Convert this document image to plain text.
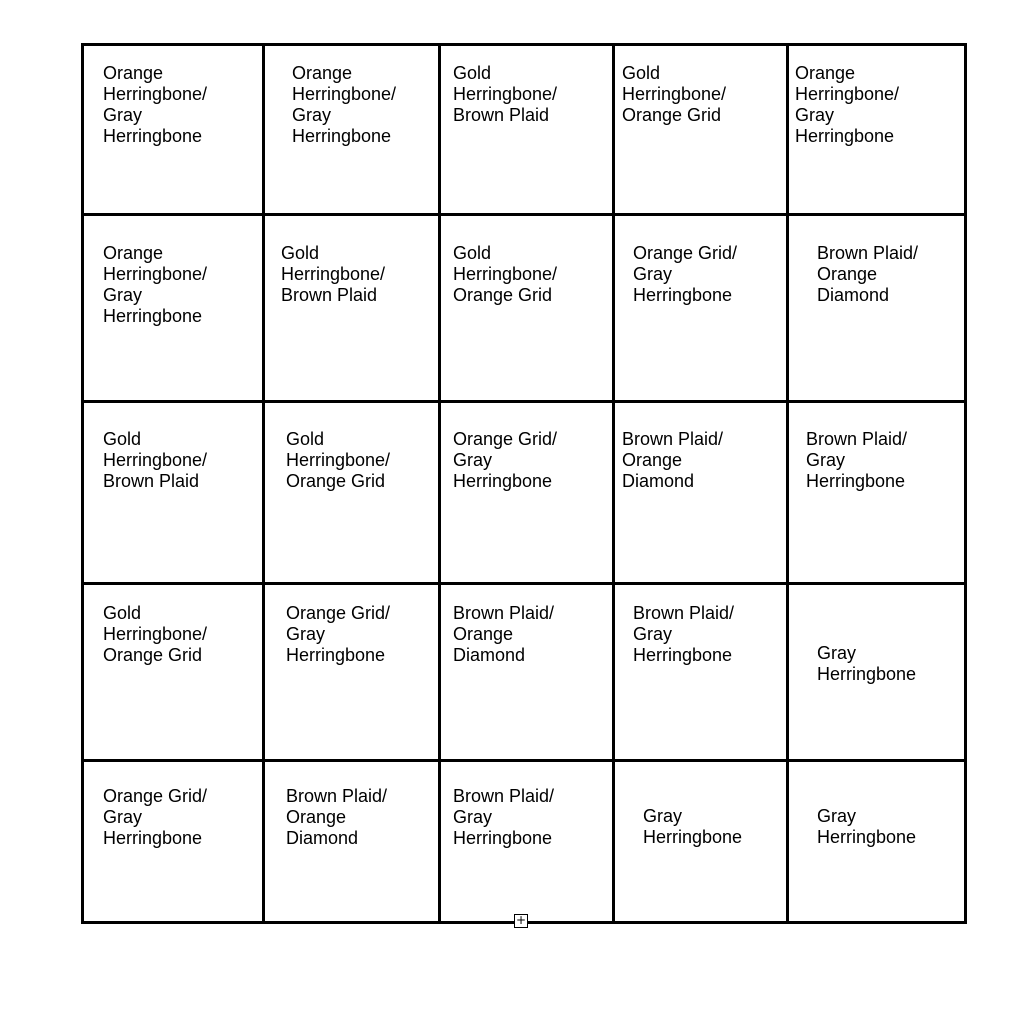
Orange
Herringbone/
Gray
Herringbone	Orange
Herringbone/
Gray
Herringbone	Gold
Herringbone/
Brown Plaid	Gold
Herringbone/
Orange Grid	Orange
Herringbone/
Gray
Herringbone

Orange
Herringbone/
Gray
Herringbone	Gold
Herringbone/
Brown Plaid	Gold
Herringbone/
Orange Grid	Orange Grid/
Gray
Herringbone	Brown Plaid/
Orange
Diamond

Gold
Herringbone/
Brown Plaid	Gold
Herringbone/
Orange Grid	Orange Grid/
Gray
Herringbone	Brown Plaid/
Orange
Diamond	Brown Plaid/
Gray
Herringbone

Gold
Herringbone/
Orange Grid	Orange Grid/
Gray
Herringbone	Brown Plaid/
Orange
Diamond	Brown Plaid/
Gray
Herringbone	Gray
Herringbone

Orange Grid/
Gray
Herringbone	Brown Plaid/
Orange
Diamond	Brown Plaid/
Gray
Herringbone	Gray
Herringbone	Gray
Herringbone
+
